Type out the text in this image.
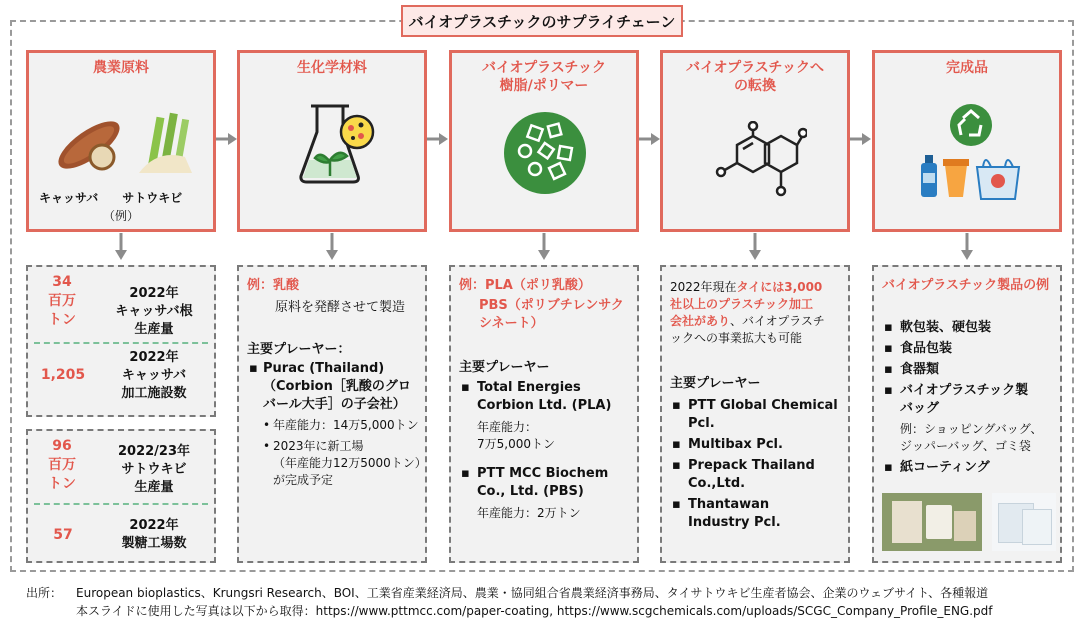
バイオプラスチックのサプライチェーン
農業原料
キャッサバ　　サトウキビ
（例）
生化学材料	バイオプラスチック
樹脂/ポリマー
バイオプラスチックへ
の転換
完成品
34
百万
トン
2022年
キャッサバ根
生産量
1,205
2022年
キャッサバ
加工施設数
96
百万
トン
2022/23年
サトウキビ
生産量
57
2022年
製糖工場数
例：乳酸
原料を発酵させて製造
主要プレーヤー：
▪ Purac (Thailand)
（Corbion［乳酸のグロ
バール大手］の子会社）
• 年産能力：14万5,000トン
• 2023年に新工場
（年産能力12万5000トン）
が完成予定
例：PLA（ポリ乳酸）
PBS（ポリブチレンサク
シネート）
主要プレーヤー
▪ Total Energies
Corbion Ltd. (PLA)
年産能力：
7万5,000トン
▪ PTT MCC Biochem
Co., Ltd. (PBS)
年産能力：2万トン
2022年現在タイには3,000
社以上のプラスチック加工
会社があり、バイオプラスチ
ックへの事業拡大も可能
主要プレーヤー
▪ PTT Global Chemical Pcl.
▪ Multibax Pcl.
▪ Prepack Thailand Co.,Ltd.
▪ Thantawan Industry Pcl.
バイオプラスチック製品の例
▪ 軟包装、硬包装
▪ 食品包装
▪ 食器類
▪ バイオプラスチック製バッグ
例：ショッピングバッグ、
ジッパーバッグ、ゴミ袋
▪ 紙コーティング
出所： European bioplastics、Krungsri Research、BOI、工業省産業経済局、農業・協同組合省農業経済事務局、タイサトウキビ生産者協会、企業のウェブサイト、各種報道
本スライドに使用した写真は以下から取得：https://www.pttmcc.com/paper-coating, https://www.scgchemicals.com/uploads/SCGC_Company_Profile_ENG.pdf
